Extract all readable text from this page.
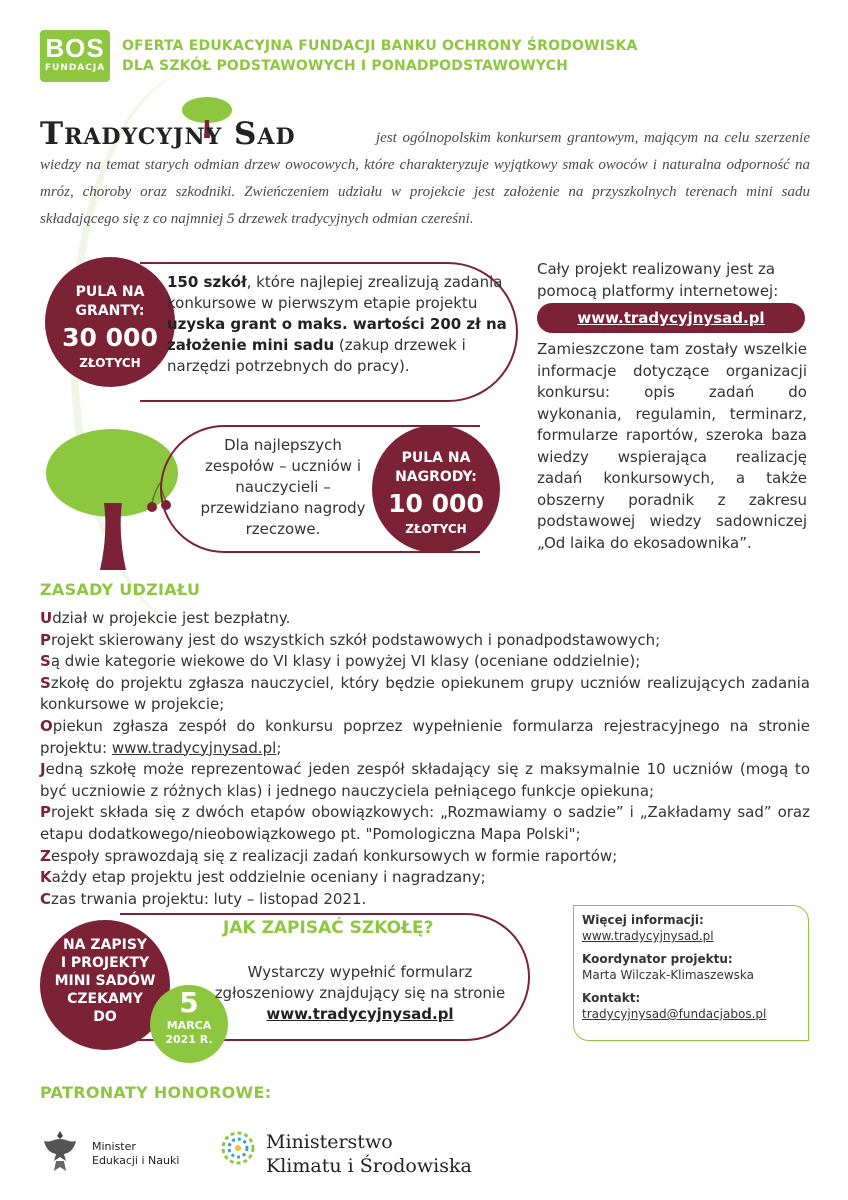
BOS
FUNDACJA
OFERTA EDUKACYJNA FUNDACJI BANKU OCHRONY ŚRODOWISKA
DLA SZKÓŁ PODSTAWOWYCH I PONADPODSTAWOWYCH
Tradycyjny Sad	jest ogólnopolskim konkursem grantowym, mającym na celu szerzenie wiedzy na temat starych odmian drzew owocowych, które charakteryzuje wyjątkowy smak owoców i naturalna odporność na mróz, choroby oraz szkodniki. Zwieńczeniem udziału w projekcie jest założenie na przyszkolnych terenach mini sadu składającego się z co najmniej 5 drzewek tradycyjnych odmian czereśni.
PULA NA
GRANTY:
30 000
ZŁOTYCH
150 szkół, które najlepiej zrealizują zadania konkursowe w pierwszym etapie projektu uzyska grant o maks. wartości 200 zł na założenie mini sadu (zakup drzewek i narzędzi potrzebnych do pracy).
Dla najlepszych zespołów – uczniów i nauczycieli – przewidziano nagrody rzeczowe.
PULA NA
NAGRODY:
10 000
ZŁOTYCH
Cały projekt realizowany jest za pomocą platformy internetowej:
www.tradycyjnysad.pl
Zamieszczone tam zostały wszelkie informacje dotyczące organizacji konkursu: opis zadań do wykonania, regulamin, terminarz, formularze raportów, szeroka baza wiedzy wspierająca realizację zadań konkursowych, a także obszerny poradnik z zakresu podstawowej wiedzy sadowniczej „Od laika do ekosadownika”.
ZASADY UDZIAŁU
Udział w projekcie jest bezpłatny.
Projekt skierowany jest do wszystkich szkół podstawowych i ponadpodstawowych;
Są dwie kategorie wiekowe do VI klasy i powyżej VI klasy (oceniane oddzielnie);
Szkołę do projektu zgłasza nauczyciel, który będzie opiekunem grupy uczniów realizujących zadania konkursowe w projekcie;
Opiekun zgłasza zespół do konkursu poprzez wypełnienie formularza rejestracyjnego na stronie projektu: www.tradycyjnysad.pl;
Jedną szkołę może reprezentować jeden zespół składający się z maksymalnie 10 uczniów (mogą to być uczniowie z różnych klas) i jednego nauczyciela pełniącego funkcje opiekuna;
Projekt składa się z dwóch etapów obowiązkowych: „Rozmawiamy o sadzie” i „Zakładamy sad” oraz etapu dodatkowego/nieobowiązkowego pt. "Pomologiczna Mapa Polski";
Zespoły sprawozdają się z realizacji zadań konkursowych w formie raportów;
Każdy etap projektu jest oddzielnie oceniany i nagradzany;
Czas trwania projektu: luty – listopad 2021.
NA ZAPISY
I PROJEKTY
MINI SADÓW
CZEKAMY
DO	5
MARCA
2021 R.
JAK ZAPISAĆ SZKOŁĘ?
Wystarczy wypełnić formularz zgłoszeniowy znajdujący się na stronie www.tradycyjnysad.pl
Więcej informacji:
www.tradycyjnysad.pl
Koordynator projektu:
Marta Wilczak-Klimaszewska
Kontakt:
tradycyjnysad@fundacjabos.pl
PATRONATY HONOROWE:
Minister
Edukacji i Nauki
Ministerstwo
Klimatu i Środowiska
